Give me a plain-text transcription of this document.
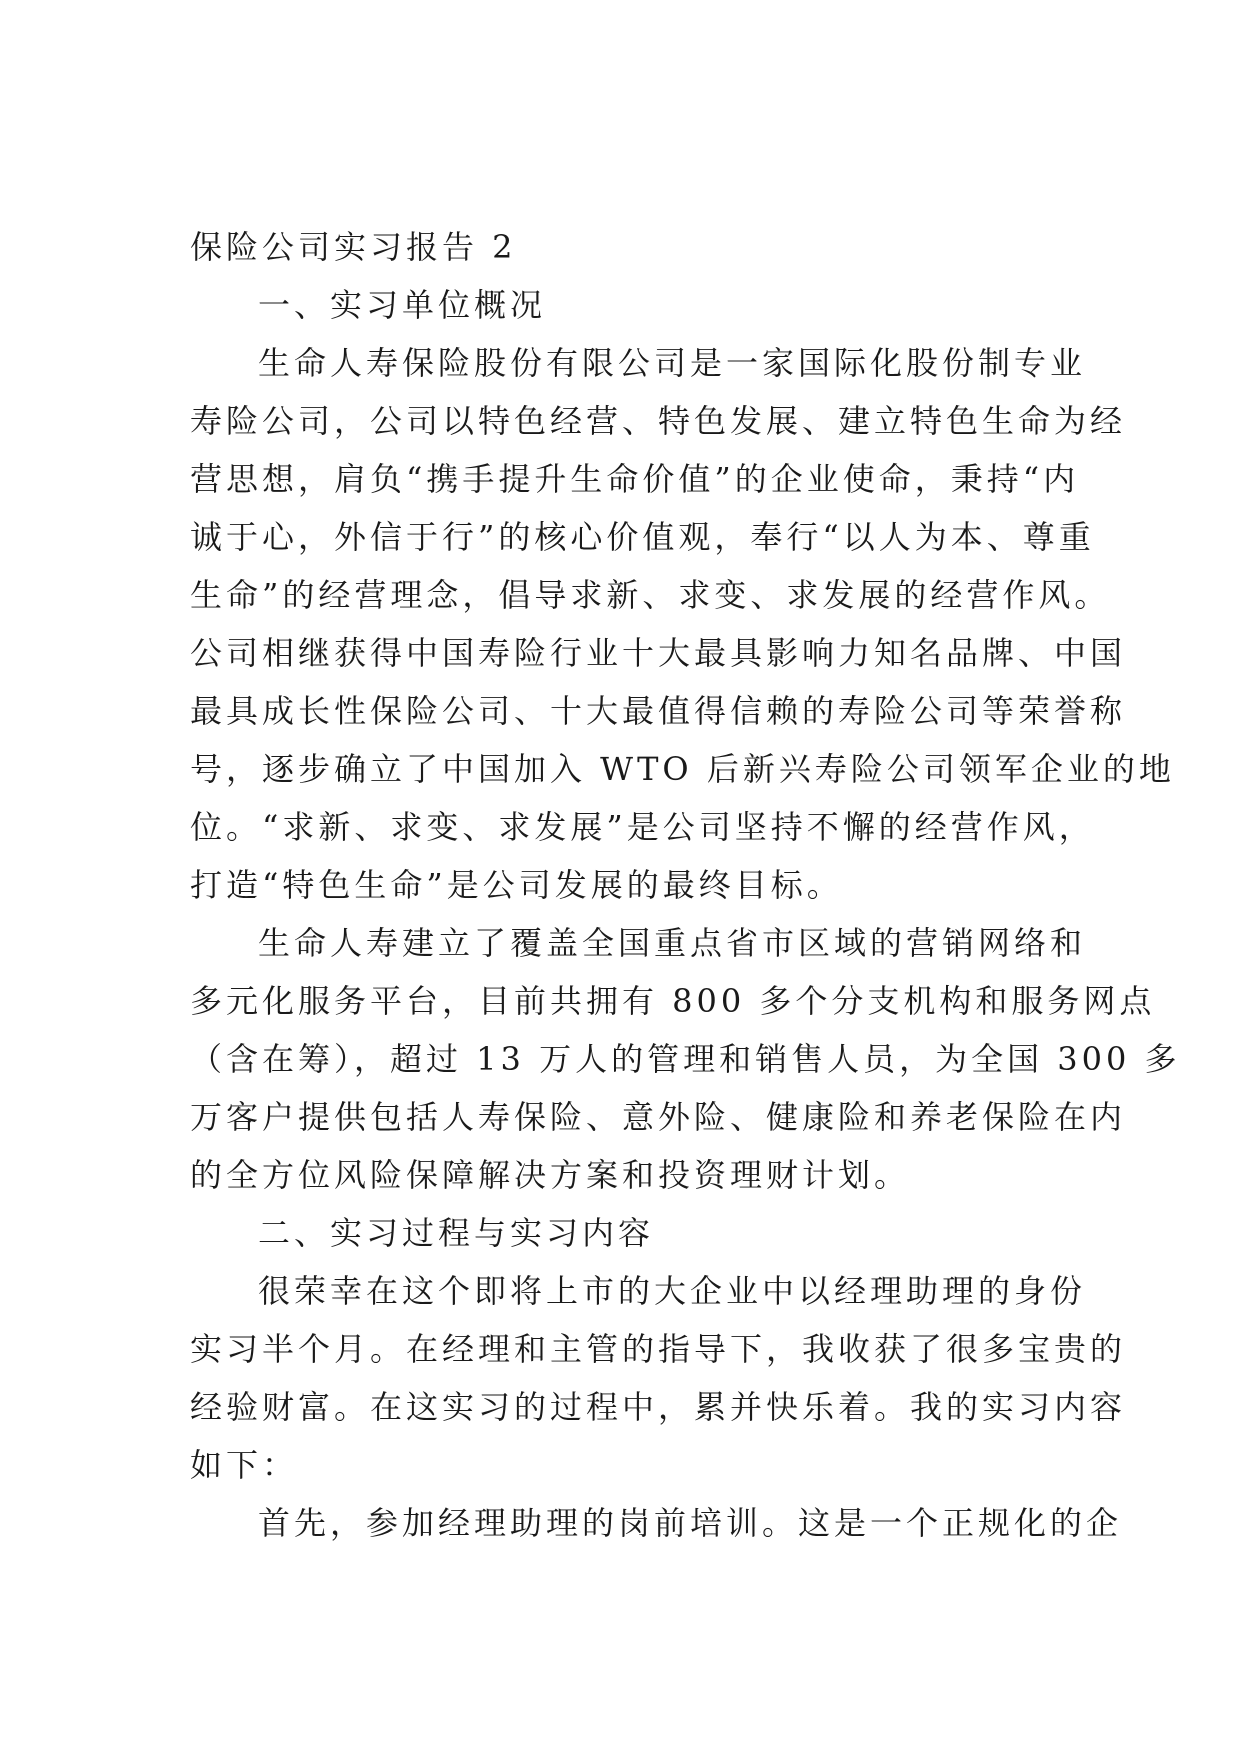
保险公司实习报告 2
一、实习单位概况

生命人寿保险股份有限公司是一家国际化股份制专业
寿险公司，公司以特色经营、特色发展、建立特色生命为经
营思想，肩负“携手提升生命价值”的企业使命，秉持“内
诚于心，外信于行”的核心价值观，奉行“以人为本、尊重
生命”的经营理念，倡导求新、求变、求发展的经营作风。
公司相继获得中国寿险行业十大最具影响力知名品牌、中国
最具成长性保险公司、十大最值得信赖的寿险公司等荣誉称
号，逐步确立了中国加入 WTO 后新兴寿险公司领军企业的地
位。“求新、求变、求发展”是公司坚持不懈的经营作风，
打造“特色生命”是公司发展的最终目标。

生命人寿建立了覆盖全国重点省市区域的营销网络和
多元化服务平台，目前共拥有 800 多个分支机构和服务网点
（含在筹），超过 13 万人的管理和销售人员，为全国 300 多
万客户提供包括人寿保险、意外险、健康险和养老保险在内
的全方位风险保障解决方案和投资理财计划。

二、实习过程与实习内容

很荣幸在这个即将上市的大企业中以经理助理的身份
实习半个月。在经理和主管的指导下，我收获了很多宝贵的
经验财富。在这实习的过程中，累并快乐着。我的实习内容
如下：

首先，参加经理助理的岗前培训。这是一个正规化的企
